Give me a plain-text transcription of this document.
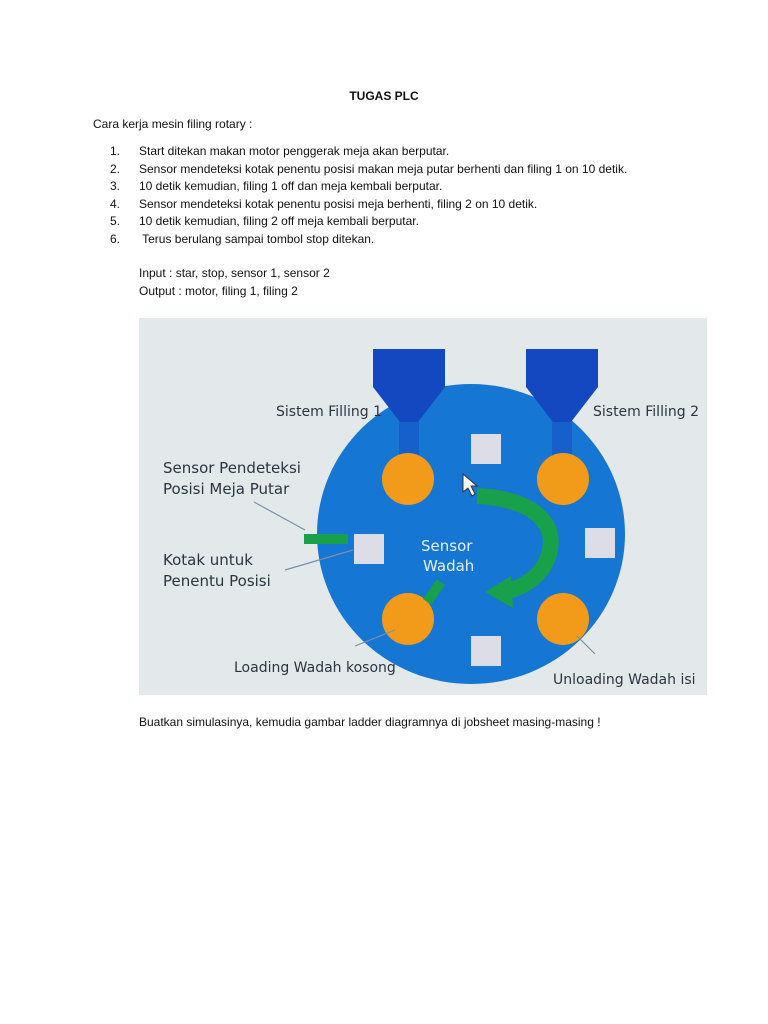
TUGAS PLC
Cara kerja mesin filing rotary :
1.	Start ditekan makan motor penggerak meja akan berputar.
2.	Sensor mendeteksi kotak penentu posisi makan meja putar berhenti dan filing 1 on 10 detik.
3.	10 detik kemudian, filing 1 off dan meja kembali berputar.
4.	Sensor mendeteksi kotak penentu posisi meja berhenti, filing 2 on 10 detik.
5.	10 detik kemudian, filing 2 off meja kembali berputar.
6.	Terus berulang sampai tombol stop ditekan.
Input : star, stop, sensor 1, sensor 2
Output : motor, filing 1, filing 2
Sistem Filling 1	Sistem Filling 2
Sensor Pendeteksi
Posisi Meja Putar
Kotak untuk
Penentu Posisi
Sensor
Wadah
Loading Wadah kosong
Unloading Wadah isi
Buatkan simulasinya, kemudia gambar ladder diagramnya di jobsheet masing-masing !
